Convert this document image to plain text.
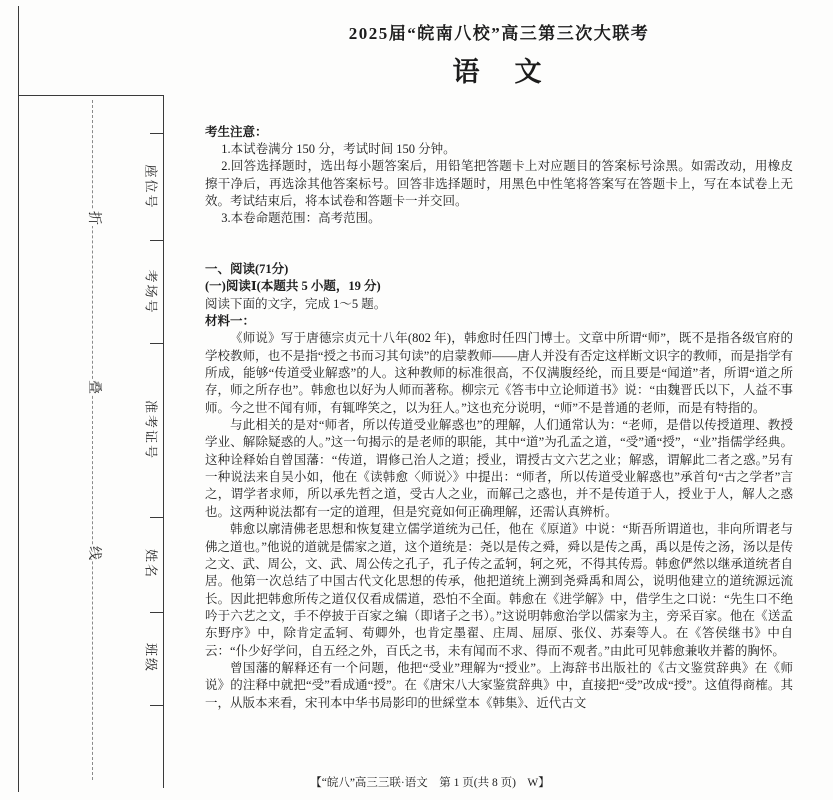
折
叠
线
座位号
考场号
准考证号
姓名
班级
2025届“皖南八校”高三第三次大联考
语　文
考生注意：
1.本试卷满分 150 分，考试时间 150 分钟。
2.回答选择题时，选出每小题答案后，用铅笔把答题卡上对应题目的答案标号涂黑。如需改动，用橡皮擦干净后，再选涂其他答案标号。回答非选择题时，用黑色中性笔将答案写在答题卡上，写在本试卷上无效。考试结束后，将本试卷和答题卡一并交回。
3.本卷命题范围：高考范围。
一、阅读(71分)
(一)阅读Ⅰ(本题共 5 小题，19 分)
阅读下面的文字，完成 1～5 题。
材料一：

《师说》写于唐德宗贞元十八年(802 年)，韩愈时任四门博士。文章中所谓“师”，既不是指各级官府的学校教师，也不是指“授之书而习其句读”的启蒙教师——唐人并没有否定这样断文识字的教师，而是指学有所成，能够“传道受业解惑”的人。这种教师的标准很高，不仅满腹经纶，而且要是“闻道”者，所谓“道之所存，师之所存也”。韩愈也以好为人师而著称。柳宗元《答韦中立论师道书》说：“由魏晋氏以下，人益不事师。今之世不闻有师，有辄哗笑之，以为狂人。”这也充分说明，“师”不是普通的老师，而是有特指的。

与此相关的是对“师者，所以传道受业解惑也”的理解，人们通常认为：“老师，是借以传授道理、教授学业、解除疑惑的人。”这一句揭示的是老师的职能，其中“道”为孔孟之道，“受”通“授”，“业”指儒学经典。这种诠释始自曾国藩：“传道，谓修己治人之道；授业，谓授古文六艺之业；解惑，谓解此二者之惑。”另有一种说法来自吴小如，他在《读韩愈〈师说〉》中提出：“师者，所以传道受业解惑也”承首句“古之学者”言之，谓学者求师，所以承先哲之道，受古人之业，而解己之惑也，并不是传道于人，授业于人，解人之惑也。这两种说法都有一定的道理，但是究竟如何正确理解，还需认真辨析。

韩愈以廓清佛老思想和恢复建立儒学道统为己任，他在《原道》中说：“斯吾所谓道也，非向所谓老与佛之道也。”他说的道就是儒家之道，这个道统是：尧以是传之舜，舜以是传之禹，禹以是传之汤，汤以是传之文、武、周公，文、武、周公传之孔子，孔子传之孟轲，轲之死，不得其传焉。韩愈俨然以继承道统者自居。他第一次总结了中国古代文化思想的传承，他把道统上溯到尧舜禹和周公，说明他建立的道统源远流长。因此把韩愈所传之道仅仅看成儒道，恐怕不全面。韩愈在《进学解》中，借学生之口说：“先生口不绝吟于六艺之文，手不停披于百家之编（即诸子之书）。”这说明韩愈治学以儒家为主，旁采百家。他在《送孟东野序》中，除肯定孟轲、荀卿外，也肯定墨翟、庄周、屈原、张仪、苏秦等人。在《答侯继书》中自云：“仆少好学问，自五经之外，百氏之书，未有闻而不求、得而不观者。”由此可见韩愈兼收并蓄的胸怀。

曾国藩的解释还有一个问题，他把“受业”理解为“授业”。上海辞书出版社的《古文鉴赏辞典》在《师说》的注释中就把“受”看成通“授”。在《唐宋八大家鉴赏辞典》中，直接把“受”改成“授”。这值得商榷。其一，从版本来看，宋刊本中华书局影印的世綵堂本《韩集》、近代古文

【“皖八”高三三联·语文　第 1 页(共 8 页)　W】
